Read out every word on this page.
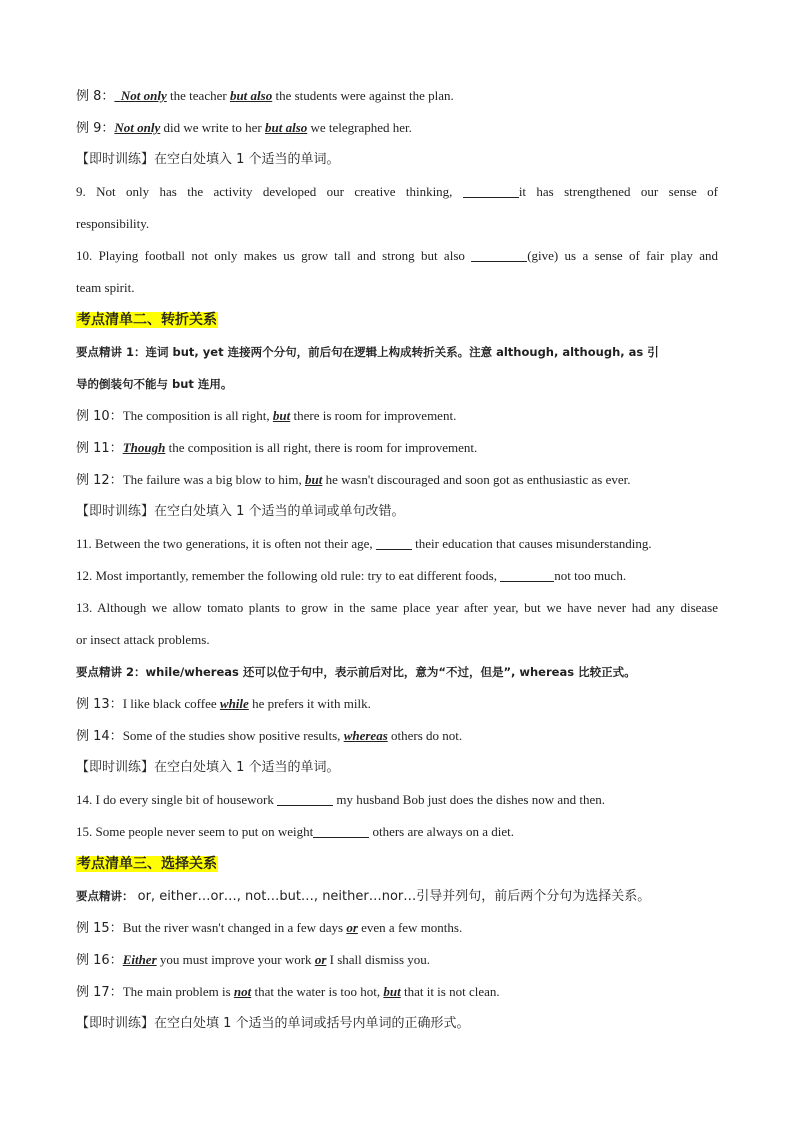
例 8： Not only the teacher but also the students were against the plan.
例 9：Not only did we write to her but also we telegraphed her.
【即时训练】在空白处填入 1 个适当的单词。
9. Not only has the activity developed our creative thinking,	it has strengthened our sense of
responsibility.
10. Playing football not only makes us grow tall and strong but also	(give) us a sense of fair play and
team spirit.
考点清单二、转折关系
要点精讲 1：连词 but, yet 连接两个分句，前后句在逻辑上构成转折关系。注意 although, although, as 引
导的倒装句不能与 but 连用。
例 10：The composition is all right, but there is room for improvement.
例 11：Though the composition is all right, there is room for improvement.
例 12：The failure was a big blow to him, but he wasn't discouraged and soon got as enthusiastic as ever.
【即时训练】在空白处填入 1 个适当的单词或单句改错。
11. Between the two generations, it is often not their age,	their education that causes misunderstanding.
12. Most importantly, remember the following old rule: try to eat different foods,	not too much.
13. Although we allow tomato plants to grow in the same place year after year, but we have never had any disease
or insect attack problems.
要点精讲 2：while/whereas 还可以位于句中，表示前后对比，意为“不过，但是”, whereas 比较正式。
例 13：I like black coffee while he prefers it with milk.
例 14：Some of the studies show positive results, whereas others do not.
【即时训练】在空白处填入 1 个适当的单词。
14. I do every single bit of housework	my husband Bob just does the dishes now and then.
15. Some people never seem to put on weight	others are always on a diet.
考点清单三、选择关系
要点精讲： or, either…or…, not…but…, neither…nor…引导并列句，前后两个分句为选择关系。
例 15：But the river wasn't changed in a few days or even a few months.
例 16：Either you must improve your work or I shall dismiss you.
例 17：The main problem is not that the water is too hot, but that it is not clean.
【即时训练】在空白处填 1 个适当的单词或括号内单词的正确形式。
